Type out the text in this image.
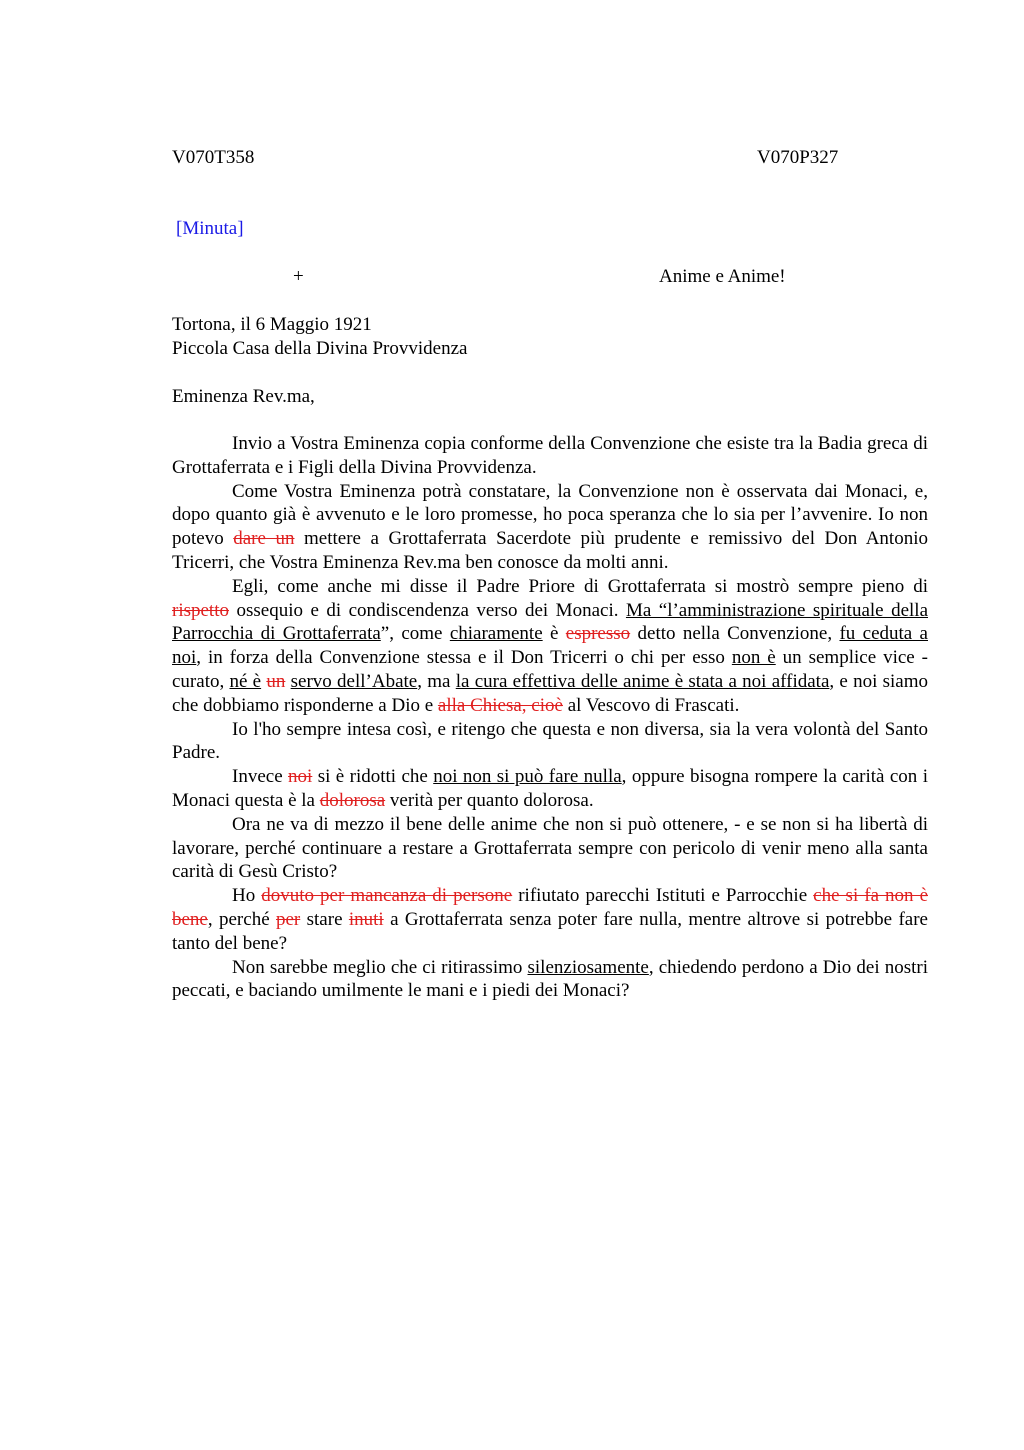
V070T358	V070P327
[Minuta]
+	Anime e Anime!
Tortona, il 6 Maggio 1921
Piccola Casa della Divina Provvidenza
Eminenza Rev.ma,

Invio a Vostra Eminenza copia conforme della Convenzione che esiste tra la Badia greca di Grottaferrata e i Figli della Divina Provvidenza.

Come Vostra Eminenza potrà constatare, la Convenzione non è osservata dai Monaci, e, dopo quanto già è avvenuto e le loro promesse, ho poca speranza che lo sia per l’avvenire. Io non potevo dare un mettere a Grottaferrata Sacerdote più prudente e remissivo del Don Antonio Tricerri, che Vostra Eminenza Rev.ma ben conosce da molti anni.

Egli, come anche mi disse il Padre Priore di Grottaferrata si mostrò sempre pieno di rispetto ossequio e di condiscendenza verso dei Monaci. Ma “l’amministrazione spirituale della Parrocchia di Grottaferrata”, come chiaramente è espresso detto nella Convenzione, fu ceduta a noi, in forza della Convenzione stessa e il Don Tricerri o chi per esso non è un semplice vice - curato, né è un servo dell’Abate, ma la cura effettiva delle anime è stata a noi affidata, e noi siamo che dobbiamo risponderne a Dio e alla Chiesa, cioè al Vescovo di Frascati.

Io l'ho sempre intesa così, e ritengo che questa e non diversa, sia la vera volontà del Santo Padre.

Invece noi si è ridotti che noi non si può fare nulla, oppure bisogna rompere la carità con i Monaci questa è la dolorosa verità per quanto dolorosa.

Ora ne va di mezzo il bene delle anime che non si può ottenere, - e se non si ha libertà di lavorare, perché continuare a restare a Grottaferrata sempre con pericolo di venir meno alla santa carità di Gesù Cristo?

Ho dovuto per mancanza di persone rifiutato parecchi Istituti e Parrocchie che si fa non è bene, perché per stare inuti a Grottaferrata senza poter fare nulla, mentre altrove si potrebbe fare tanto del bene?

Non sarebbe meglio che ci ritirassimo silenziosamente, chiedendo perdono a Dio dei nostri peccati, e baciando umilmente le mani e i piedi dei Monaci?
